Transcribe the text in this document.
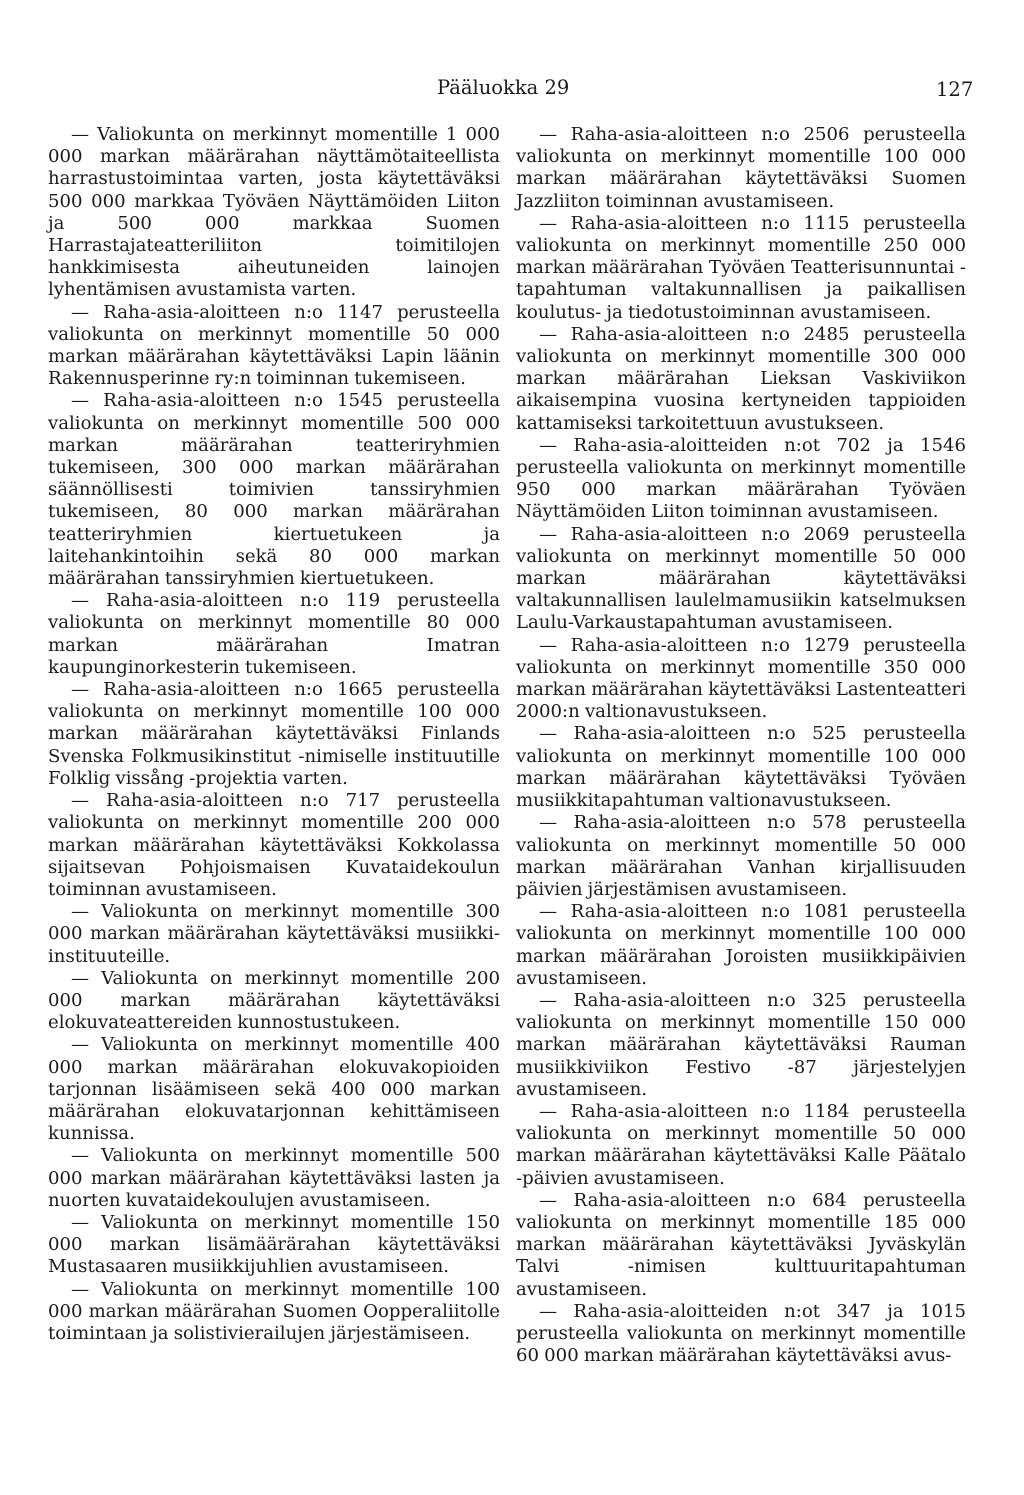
Pääluokka 29	127

— Valiokunta on merkinnyt momentille 1 000 000 markan määrärahan näyttämötaiteellista harrastustoimintaa varten, josta käytettäväksi 500 000 markkaa Työväen Näyttämöiden Liiton ja 500 000 markkaa Suomen Harrastajateatteriliiton toimitilojen hankkimisesta aiheutuneiden lainojen lyhentämisen avustamista varten.

— Raha-asia-aloitteen n:o 1147 perusteella valiokunta on merkinnyt momentille 50 000 markan määrärahan käytettäväksi Lapin läänin Rakennusperinne ry:n toiminnan tukemiseen.

— Raha-asia-aloitteen n:o 1545 perusteella valiokunta on merkinnyt momentille 500 000 markan määrärahan teatteriryhmien tukemiseen, 300 000 markan määrärahan säännöllisesti toimivien tanssiryhmien tukemiseen, 80 000 markan määrärahan teatteriryhmien kiertuetukeen ja laitehankintoihin sekä 80 000 markan määrärahan tanssiryhmien kiertuetukeen.

— Raha-asia-aloitteen n:o 119 perusteella valiokunta on merkinnyt momentille 80 000 markan määrärahan Imatran kaupunginorkesterin tukemiseen.

— Raha-asia-aloitteen n:o 1665 perusteella valiokunta on merkinnyt momentille 100 000 markan määrärahan käytettäväksi Finlands Svenska Folkmusikinstitut -nimiselle instituutille Folklig vissång -projektia varten.

— Raha-asia-aloitteen n:o 717 perusteella valiokunta on merkinnyt momentille 200 000 markan määrärahan käytettäväksi Kokkolassa sijaitsevan Pohjoismaisen Kuvataidekoulun toiminnan avustamiseen.

— Valiokunta on merkinnyt momentille 300 000 markan määrärahan käytettäväksi musiikki-instituuteille.

— Valiokunta on merkinnyt momentille 200 000 markan määrärahan käytettäväksi elokuvateattereiden kunnostustukeen.

— Valiokunta on merkinnyt momentille 400 000 markan määrärahan elokuvakopioiden tarjonnan lisäämiseen sekä 400 000 markan määrärahan elokuvatarjonnan kehittämiseen kunnissa.

— Valiokunta on merkinnyt momentille 500 000 markan määrärahan käytettäväksi lasten ja nuorten kuvataidekoulujen avustamiseen.

— Valiokunta on merkinnyt momentille 150 000 markan lisämäärärahan käytettäväksi Mustasaaren musiikkijuhlien avustamiseen.

— Valiokunta on merkinnyt momentille 100 000 markan määrärahan Suomen Oopperaliitolle toimintaan ja solistivierailujen järjestämiseen.

— Raha-asia-aloitteen n:o 2506 perusteella valiokunta on merkinnyt momentille 100 000 markan määrärahan käytettäväksi Suomen Jazzliiton toiminnan avustamiseen.

— Raha-asia-aloitteen n:o 1115 perusteella valiokunta on merkinnyt momentille 250 000 markan määrärahan Työväen Teatterisunnuntai -tapahtuman valtakunnallisen ja paikallisen koulutus- ja tiedotustoiminnan avustamiseen.

— Raha-asia-aloitteen n:o 2485 perusteella valiokunta on merkinnyt momentille 300 000 markan määrärahan Lieksan Vaskiviikon aikaisempina vuosina kertyneiden tappioiden kattamiseksi tarkoitettuun avustukseen.

— Raha-asia-aloitteiden n:ot 702 ja 1546 perusteella valiokunta on merkinnyt momentille 950 000 markan määrärahan Työväen Näyttämöiden Liiton toiminnan avustamiseen.

— Raha-asia-aloitteen n:o 2069 perusteella valiokunta on merkinnyt momentille 50 000 markan määrärahan käytettäväksi valtakunnallisen laulelmamusiikin katselmuksen Laulu-Varkaustapahtuman avustamiseen.

— Raha-asia-aloitteen n:o 1279 perusteella valiokunta on merkinnyt momentille 350 000 markan määrärahan käytettäväksi Lastenteatteri 2000:n valtionavustukseen.

— Raha-asia-aloitteen n:o 525 perusteella valiokunta on merkinnyt momentille 100 000 markan määrärahan käytettäväksi Työväen musiikkitapahtuman valtionavustukseen.

— Raha-asia-aloitteen n:o 578 perusteella valiokunta on merkinnyt momentille 50 000 markan määrärahan Vanhan kirjallisuuden päivien järjestämisen avustamiseen.

— Raha-asia-aloitteen n:o 1081 perusteella valiokunta on merkinnyt momentille 100 000 markan määrärahan Joroisten musiikkipäivien avustamiseen.

— Raha-asia-aloitteen n:o 325 perusteella valiokunta on merkinnyt momentille 150 000 markan määrärahan käytettäväksi Rauman musiikkiviikon Festivo -87 järjestelyjen avustamiseen.

— Raha-asia-aloitteen n:o 1184 perusteella valiokunta on merkinnyt momentille 50 000 markan määrärahan käytettäväksi Kalle Päätalo -päivien avustamiseen.

— Raha-asia-aloitteen n:o 684 perusteella valiokunta on merkinnyt momentille 185 000 markan määrärahan käytettäväksi Jyväskylän Talvi -nimisen kulttuuritapahtuman avustamiseen.

— Raha-asia-aloitteiden n:ot 347 ja 1015 perusteella valiokunta on merkinnyt momentille 60 000 markan määrärahan käytettäväksi avus-
